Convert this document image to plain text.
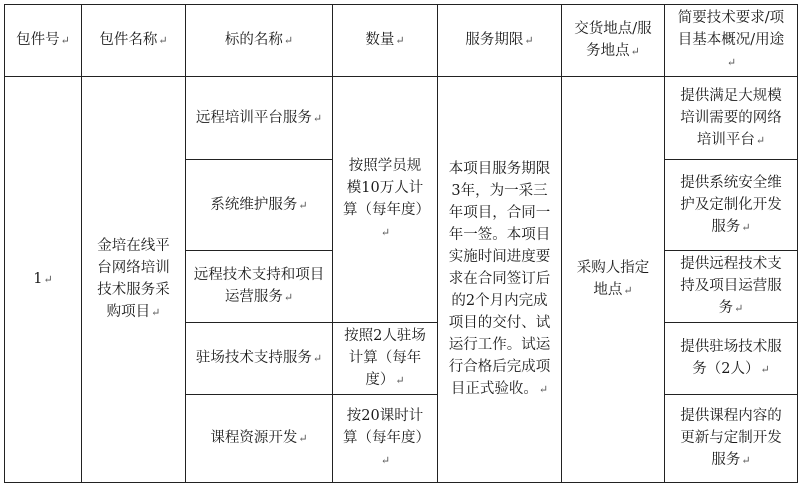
包件号↵	包件名称↵	标的名称↵	数量↵	服务期限↵	交货地点/服务地点↵	简要技术要求/项目基本概况/用途↵
1↵	金培在线平台网络培训技术服务采购项目↵	远程培训平台服务↵	按照学员规模10万人计算（每年度）↵	本项目服务期限3年，为一采三年项目，合同一年一签。本项目实施时间进度要求在合同签订后的2个月内完成项目的交付、试运行工作。试运行合格后完成项目正式验收。↵	采购人指定地点↵	提供满足大规模培训需要的网络培训平台↵
		系统维护服务↵				提供系统安全维护及定制化开发服务↵
		远程技术支持和项目运营服务↵				提供远程技术支持及项目运营服务↵
		驻场技术支持服务↵	按照2人驻场计算（每年度）↵			提供驻场技术服务（2人）↵
		课程资源开发↵	按20课时计算（每年度）↵			提供课程内容的更新与定制开发服务↵
